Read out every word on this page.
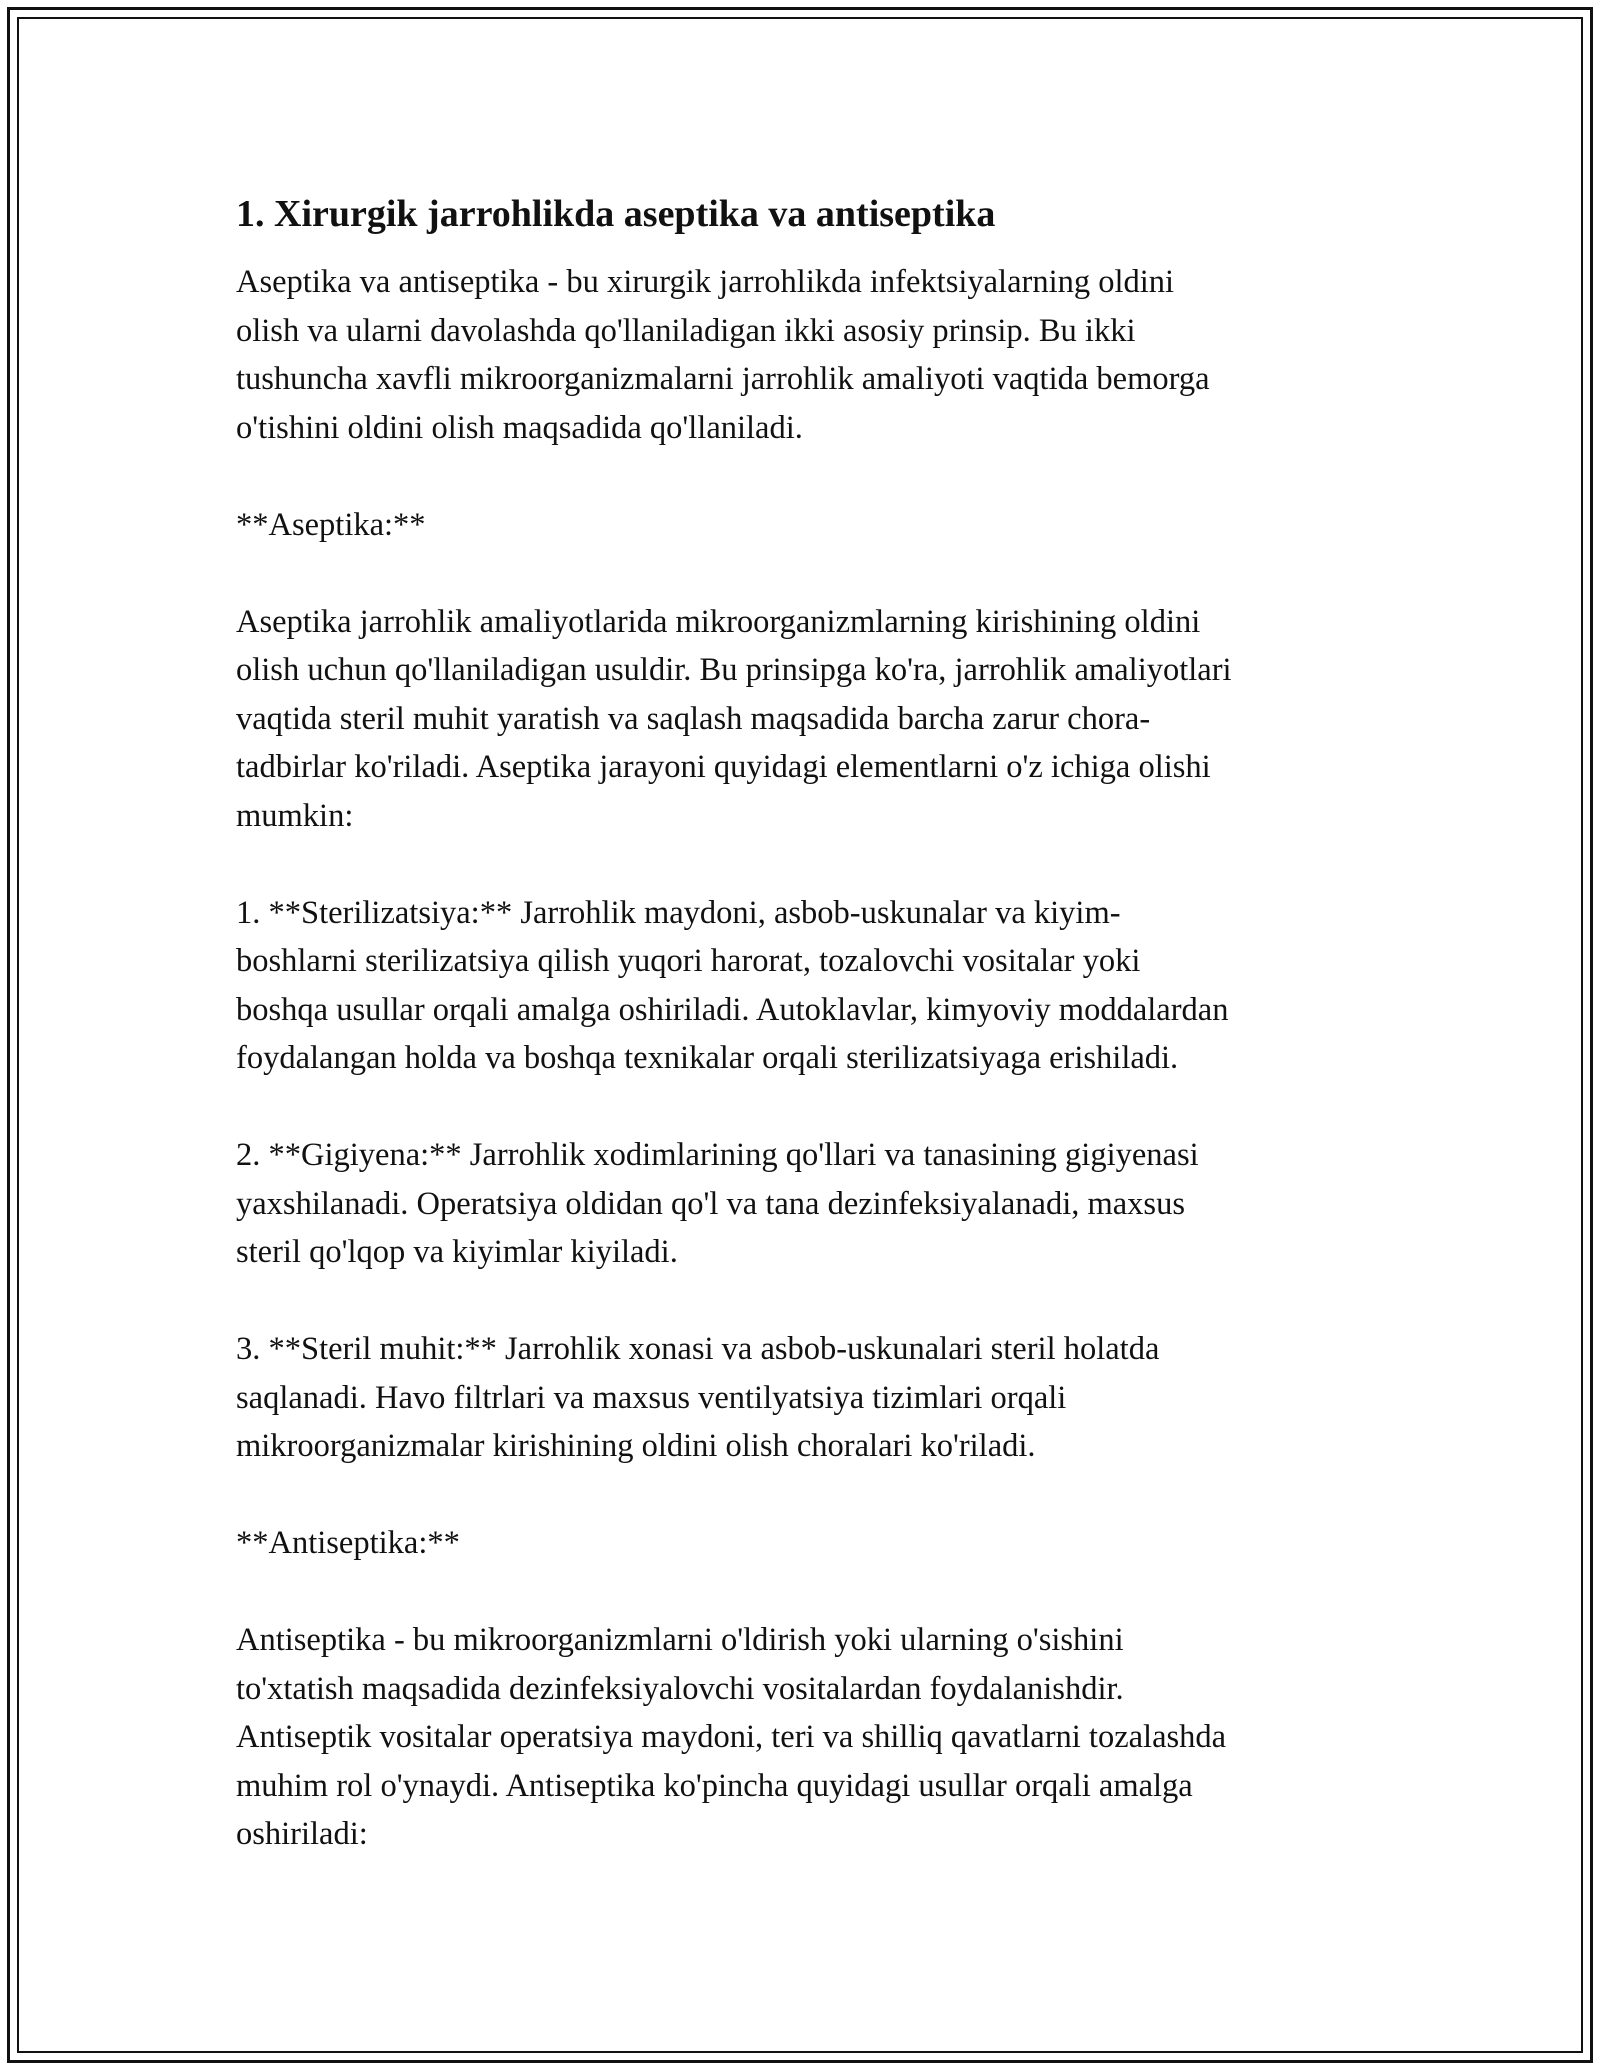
1. Xirurgik jarrohlikda aseptika va antiseptika

Aseptika va antiseptika - bu xirurgik jarrohlikda infektsiyalarning oldini
olish va ularni davolashda qo'llaniladigan ikki asosiy prinsip. Bu ikki
tushuncha xavfli mikroorganizmalarni jarrohlik amaliyoti vaqtida bemorga
o'tishini oldini olish maqsadida qo'llaniladi.

**Aseptika:**

Aseptika jarrohlik amaliyotlarida mikroorganizmlarning kirishining oldini
olish uchun qo'llaniladigan usuldir. Bu prinsipga ko'ra, jarrohlik amaliyotlari
vaqtida steril muhit yaratish va saqlash maqsadida barcha zarur chora-
tadbirlar ko'riladi. Aseptika jarayoni quyidagi elementlarni o'z ichiga olishi
mumkin:

1. **Sterilizatsiya:** Jarrohlik maydoni, asbob-uskunalar va kiyim-
boshlarni sterilizatsiya qilish yuqori harorat, tozalovchi vositalar yoki
boshqa usullar orqali amalga oshiriladi. Autoklavlar, kimyoviy moddalardan
foydalangan holda va boshqa texnikalar orqali sterilizatsiyaga erishiladi.

2. **Gigiyena:** Jarrohlik xodimlarining qo'llari va tanasining gigiyenasi
yaxshilanadi. Operatsiya oldidan qo'l va tana dezinfeksiyalanadi, maxsus
steril qo'lqop va kiyimlar kiyiladi.

3. **Steril muhit:** Jarrohlik xonasi va asbob-uskunalari steril holatda
saqlanadi. Havo filtrlari va maxsus ventilyatsiya tizimlari orqali
mikroorganizmalar kirishining oldini olish choralari ko'riladi.

**Antiseptika:**

Antiseptika - bu mikroorganizmlarni o'ldirish yoki ularning o'sishini
to'xtatish maqsadida dezinfeksiyalovchi vositalardan foydalanishdir.
Antiseptik vositalar operatsiya maydoni, teri va shilliq qavatlarni tozalashda
muhim rol o'ynaydi. Antiseptika ko'pincha quyidagi usullar orqali amalga
oshiriladi:
